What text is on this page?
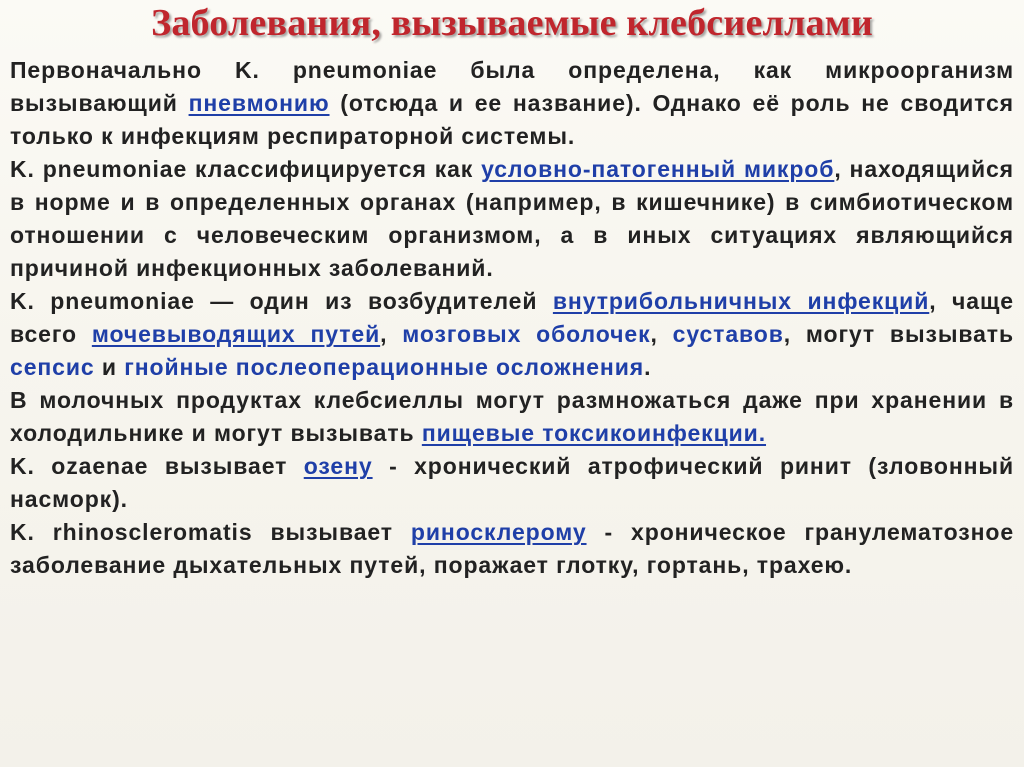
Заболевания, вызываемые клебсиеллами

Первоначально K. pneumoniae была определена, как микроорганизм вызывающий пневмонию (отсюда и ее название). Однако её роль не сводится только к инфекциям респираторной системы.

K. pneumoniae классифицируется как условно-патогенный микроб, находящийся в норме и в определенных органах (например, в кишечнике) в симбиотическом отношении с человеческим организмом, а в иных ситуациях являющийся причиной инфекционных заболеваний.

K. pneumoniae — один из возбудителей внутрибольничных инфекций, чаще всего мочевыводящих путей, мозговых оболочек, суставов, могут вызывать сепсис и гнойные послеоперационные осложнения.

В молочных продуктах клебсиеллы могут размножаться даже при хранении в холодильнике и могут вызывать пищевые токсикоинфекции.

K. ozaenae вызывает озену - хронический атрофический ринит (зловонный насморк).

K. rhinoscleromatis вызывает риносклерому - хроническое гранулематозное заболевание дыхательных путей, поражает глотку, гортань, трахею.
